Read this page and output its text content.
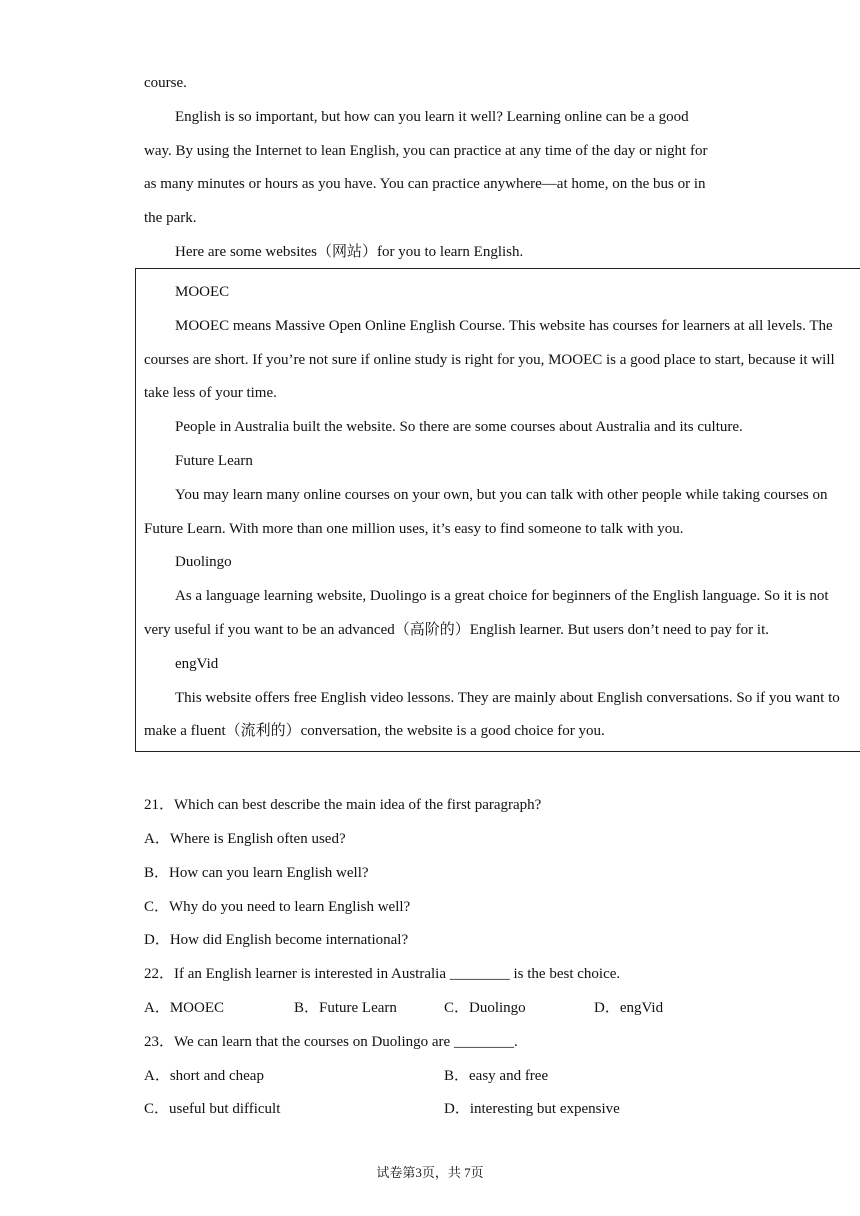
course.
English is so important, but how can you learn it well? Learning online can be a good
way. By using the Internet to lean English, you can practice at any time of the day or night for
as many minutes or hours as you have. You can practice anywhere—at home, on the bus or in
the park.
Here are some websites（网站）for you to learn English.
MOOEC
MOOEC means Massive Open Online English Course. This website has courses for learners at all levels. The
courses are short. If you’re not sure if online study is right for you, MOOEC is a good place to start, because it will
take less of your time.
People in Australia built the website. So there are some courses about Australia and its culture.
Future Learn
You may learn many online courses on your own, but you can talk with other people while taking courses on
Future Learn. With more than one million uses, it’s easy to find someone to talk with you.
Duolingo
As a language learning website, Duolingo is a great choice for beginners of the English language. So it is not
very useful if you want to be an advanced（高阶的）English learner. But users don’t need to pay for it.
engVid
This website offers free English video lessons. They are mainly about English conversations. So if you want to
make a fluent（流利的）conversation, the website is a good choice for you.
21．Which can best describe the main idea of the first paragraph?
A．Where is English often used?
B．How can you learn English well?
C．Why do you need to learn English well?
D．How did English become international?
22．If an English learner is interested in Australia ________ is the best choice.
A．MOOEC	B．Future Learn	C．Duolingo	D．engVid
23．We can learn that the courses on Duolingo are ________.
A．short and cheap	B．easy and free
C．useful but difficult	D．interesting but expensive
试卷第3页，共 7页
